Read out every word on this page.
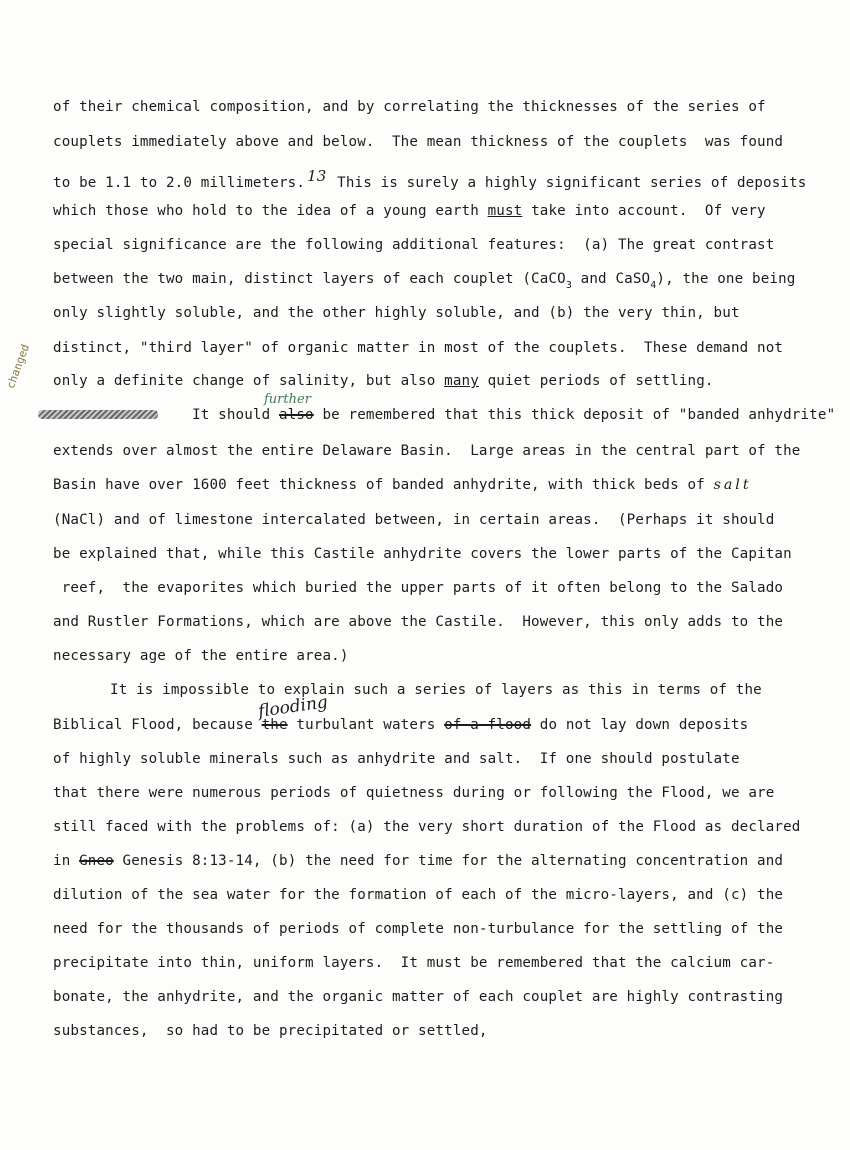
changed
further
flooding
of their chemical composition, and by correlating the thicknesses of the series of
couplets immediately above and below.  The mean thickness of the couplets  was found
to be 1.1 to 2.0 millimeters. 13 This is surely a highly significant series of deposits
which those who hold to the idea of a young earth must take into account.  Of very
special significance are the following additional features:  (a) The great contrast
between the two main, distinct layers of each couplet (CaCO$_3$ and CaSO$_4$), the one being
only slightly soluble, and the other highly soluble, and (b) the very thin, but
distinct, "third layer" of organic matter in most of the couplets.  These demand not
only a definite change of salinity, but also many quiet periods of settling.
It should also be remembered that this thick deposit of "banded anhydrite"
extends over almost the entire Delaware Basin.  Large areas in the central part of the
Basin have over 1600 feet thickness of banded anhydrite, with thick beds of salt
(NaCl) and of limestone intercalated between, in certain areas.  (Perhaps it should
be explained that, while this Castile anhydrite covers the lower parts of the Capitan
reef,  the evaporites which buried the upper parts of it often belong to the Salado
and Rustler Formations, which are above the Castile.  However, this only adds to the
necessary age of the entire area.)
It is impossible to explain such a series of layers as this in terms of the
Biblical Flood, because the turbulant waters of a flood do not lay down deposits
of highly soluble minerals such as anhydrite and salt.  If one should postulate
that there were numerous periods of quietness during or following the Flood, we are
still faced with the problems of: (a) the very short duration of the Flood as declared
in Gneo Genesis 8:13-14, (b) the need for time for the alternating concentration and
dilution of the sea water for the formation of each of the micro-layers, and (c) the
need for the thousands of periods of complete non-turbulance for the settling of the
precipitate into thin, uniform layers.  It must be remembered that the calcium car-
bonate, the anhydrite, and the organic matter of each couplet are highly contrasting
substances,  so had to be precipitated or settled,
